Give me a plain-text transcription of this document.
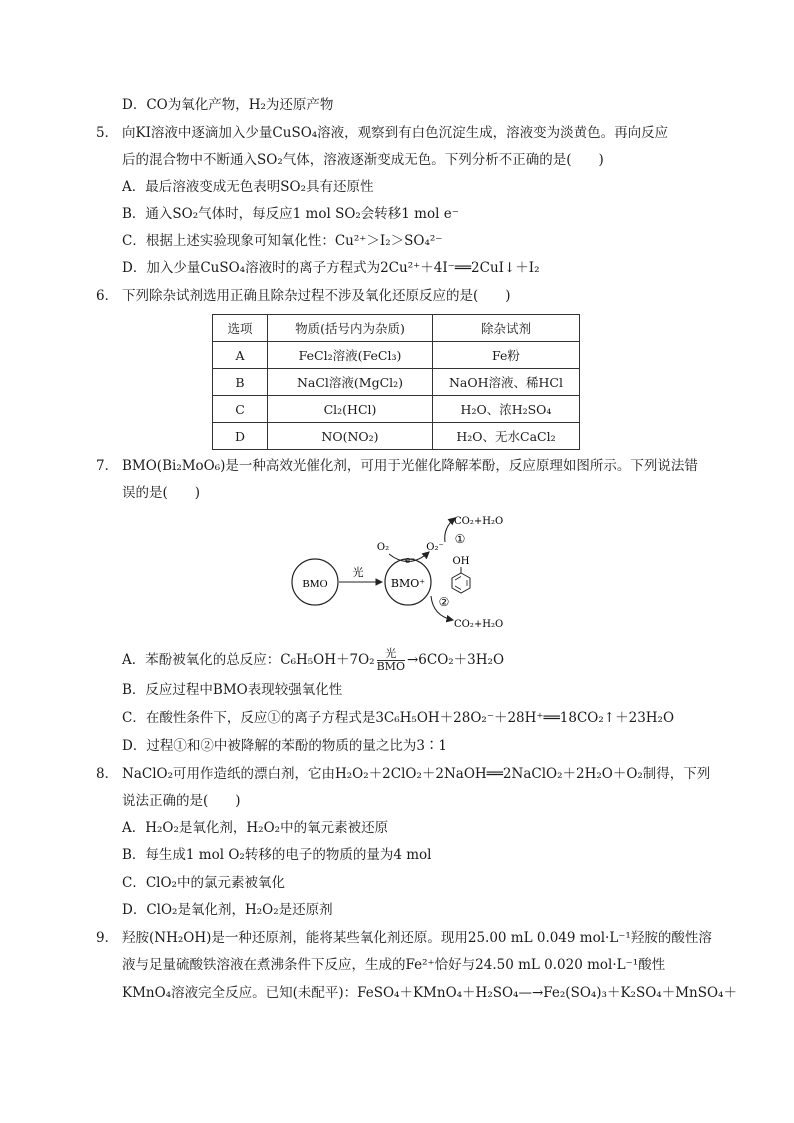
D．CO为氧化产物，H₂为还原产物
5． 向KI溶液中逐滴加入少量CuSO₄溶液，观察到有白色沉淀生成，溶液变为淡黄色。再向反应
后的混合物中不断通入SO₂气体，溶液逐渐变成无色。下列分析不正确的是(　　)
A．最后溶液变成无色表明SO₂具有还原性
B．通入SO₂气体时，每反应1 mol SO₂会转移1 mol e⁻
C．根据上述实验现象可知氧化性：Cu²⁺＞I₂＞SO₄²⁻
D．加入少量CuSO₄溶液时的离子方程式为2Cu²⁺＋4I⁻══2CuI↓＋I₂
6． 下列除杂试剂选用正确且除杂过程不涉及氧化还原反应的是(　　)
选项	物质(括号内为杂质)	除杂试剂
A	FeCl₂溶液(FeCl₃)	Fe粉
B	NaCl溶液(MgCl₂)	NaOH溶液、稀HCl
C	Cl₂(HCl)	H₂O、浓H₂SO₄
D	NO(NO₂)	H₂O、无水CaCl₂
7． BMO(Bi₂MoO₆)是一种高效光催化剂，可用于光催化降解苯酚，反应原理如图所示。下列说法错
误的是(　　)
BMO
光
BMO⁺
O₂	O₂⁻
e⁻
①
CO₂+H₂O
OH
②
CO₂+H₂O
A．苯酚被氧化的总反应：$C_6H_5OH+7O_2 \frac{\text{光}}{\text{BMO}} \to 6CO_2+3H_2O$
B．反应过程中BMO表现较强氧化性
C．在酸性条件下，反应①的离子方程式是3C₆H₅OH＋28O₂⁻＋28H⁺══18CO₂↑＋23H₂O
D．过程①和②中被降解的苯酚的物质的量之比为3∶1
8． NaClO₂可用作造纸的漂白剂，它由H₂O₂＋2ClO₂＋2NaOH══2NaClO₂＋2H₂O＋O₂制得，下列
说法正确的是(　　)
A．H₂O₂是氧化剂，H₂O₂中的氧元素被还原
B．每生成1 mol O₂转移的电子的物质的量为4 mol
C．ClO₂中的氯元素被氧化
D．ClO₂是氧化剂，H₂O₂是还原剂
9． 羟胺(NH₂OH)是一种还原剂，能将某些氧化剂还原。现用25.00 mL 0.049 mol·L⁻¹羟胺的酸性溶
液与足量硫酸铁溶液在煮沸条件下反应，生成的Fe²⁺恰好与24.50 mL 0.020 mol·L⁻¹酸性
KMnO₄溶液完全反应。已知(未配平)：FeSO₄＋KMnO₄＋H₂SO₄—→Fe₂(SO₄)₃＋K₂SO₄＋MnSO₄＋
